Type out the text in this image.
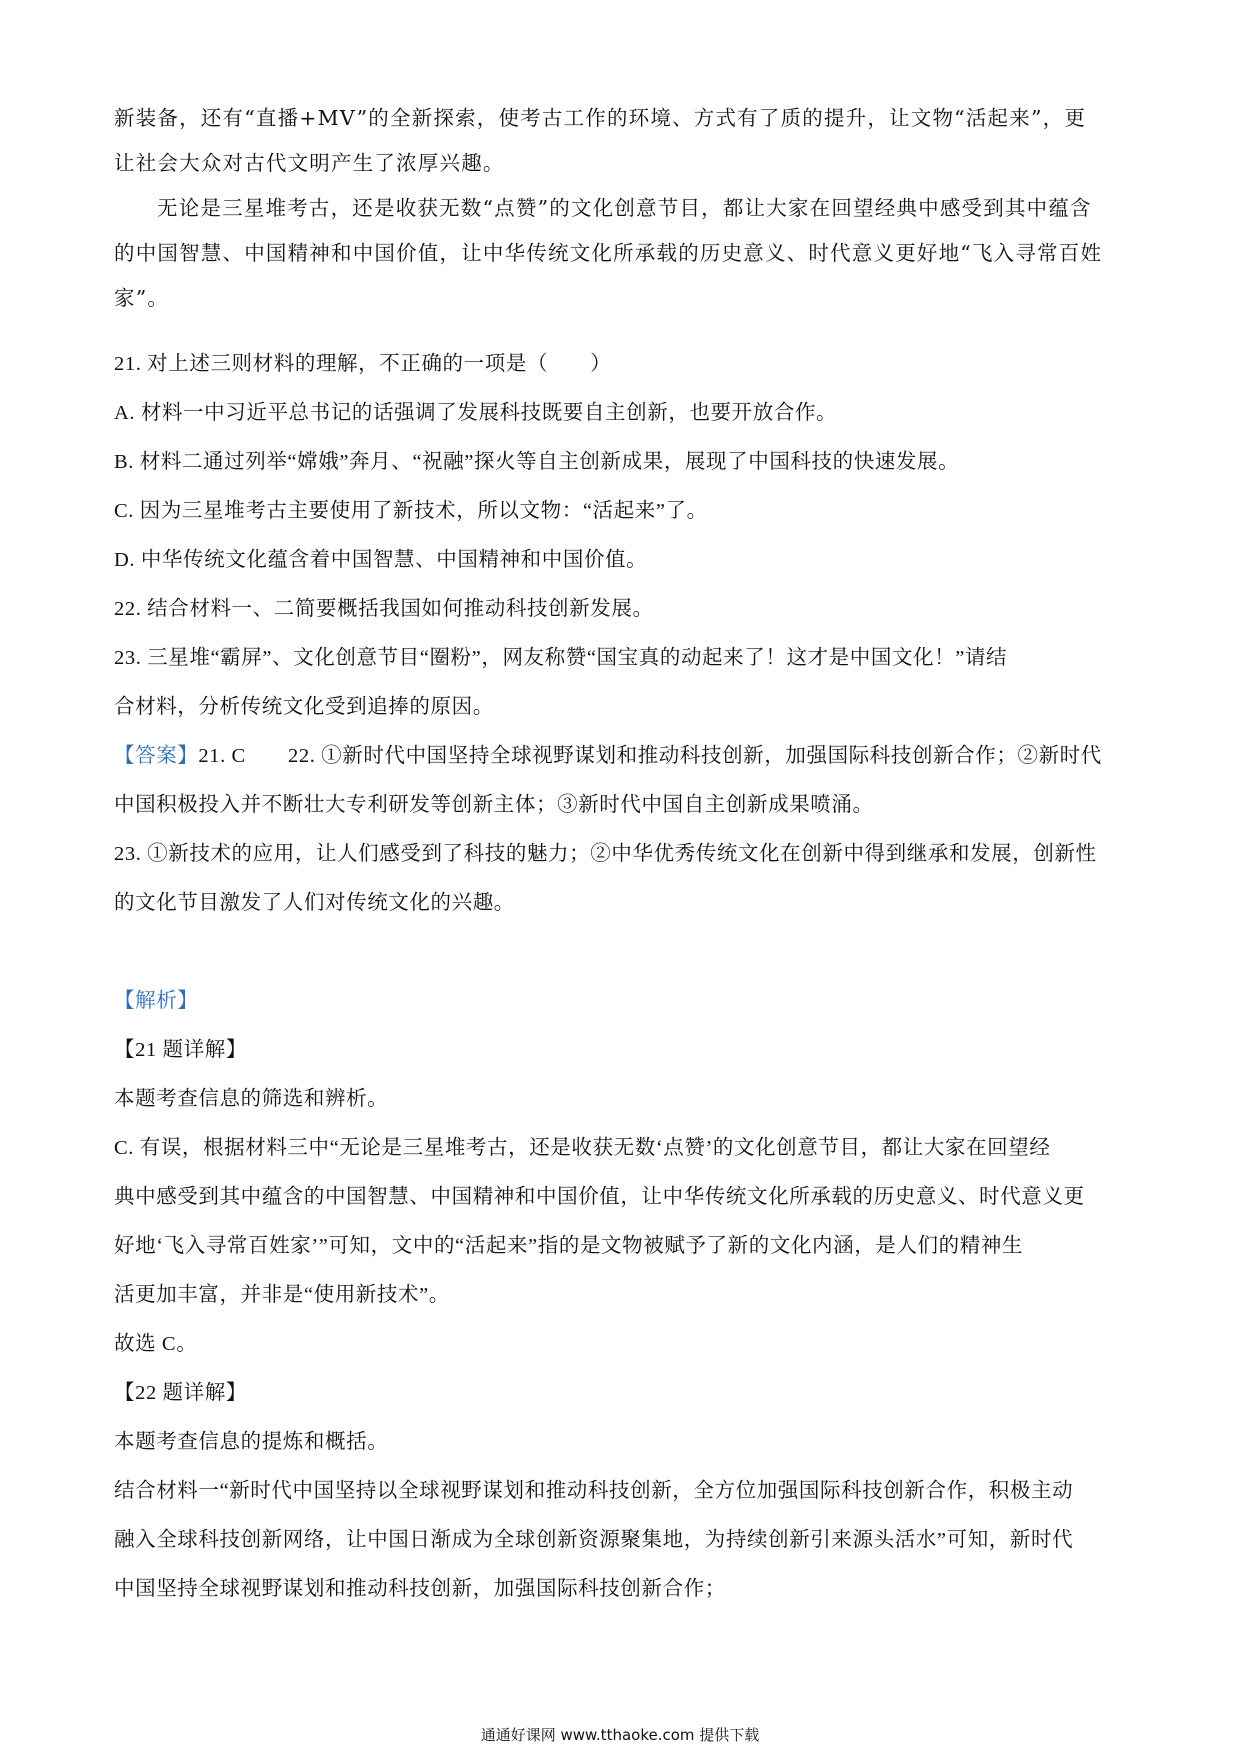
新装备，还有“直播+MV”的全新探索，使考古工作的环境、方式有了质的提升，让文物“活起来”，更
让社会大众对古代文明产生了浓厚兴趣。
无论是三星堆考古，还是收获无数“点赞”的文化创意节目，都让大家在回望经典中感受到其中蕴含
的中国智慧、中国精神和中国价值，让中华传统文化所承载的历史意义、时代意义更好地“飞入寻常百姓
家”。
21. 对上述三则材料的理解，不正确的一项是（　　）
A. 材料一中习近平总书记的话强调了发展科技既要自主创新，也要开放合作。
B. 材料二通过列举“嫦娥”奔月、“祝融”探火等自主创新成果，展现了中国科技的快速发展。
C. 因为三星堆考古主要使用了新技术，所以文物：“活起来”了。
D. 中华传统文化蕴含着中国智慧、中国精神和中国价值。
22. 结合材料一、二简要概括我国如何推动科技创新发展。
23. 三星堆“霸屏”、文化创意节目“圈粉”，网友称赞“国宝真的动起来了！这才是中国文化！”请结
合材料，分析传统文化受到追捧的原因。
【答案】21. C　　22. ①新时代中国坚持全球视野谋划和推动科技创新，加强国际科技创新合作；②新时代
中国积极投入并不断壮大专利研发等创新主体；③新时代中国自主创新成果喷涌。
23. ①新技术的应用，让人们感受到了科技的魅力；②中华优秀传统文化在创新中得到继承和发展，创新性
的文化节目激发了人们对传统文化的兴趣。
【解析】
【21 题详解】
本题考查信息的筛选和辨析。
C. 有误，根据材料三中“无论是三星堆考古，还是收获无数‘点赞’的文化创意节目，都让大家在回望经
典中感受到其中蕴含的中国智慧、中国精神和中国价值，让中华传统文化所承载的历史意义、时代意义更
好地‘飞入寻常百姓家’”可知，文中的“活起来”指的是文物被赋予了新的文化内涵，是人们的精神生
活更加丰富，并非是“使用新技术”。
故选 C。
【22 题详解】
本题考查信息的提炼和概括。
结合材料一“新时代中国坚持以全球视野谋划和推动科技创新，全方位加强国际科技创新合作，积极主动
融入全球科技创新网络，让中国日渐成为全球创新资源聚集地，为持续创新引来源头活水”可知，新时代
中国坚持全球视野谋划和推动科技创新，加强国际科技创新合作；
通通好课网 www.tthaoke.com 提供下载
